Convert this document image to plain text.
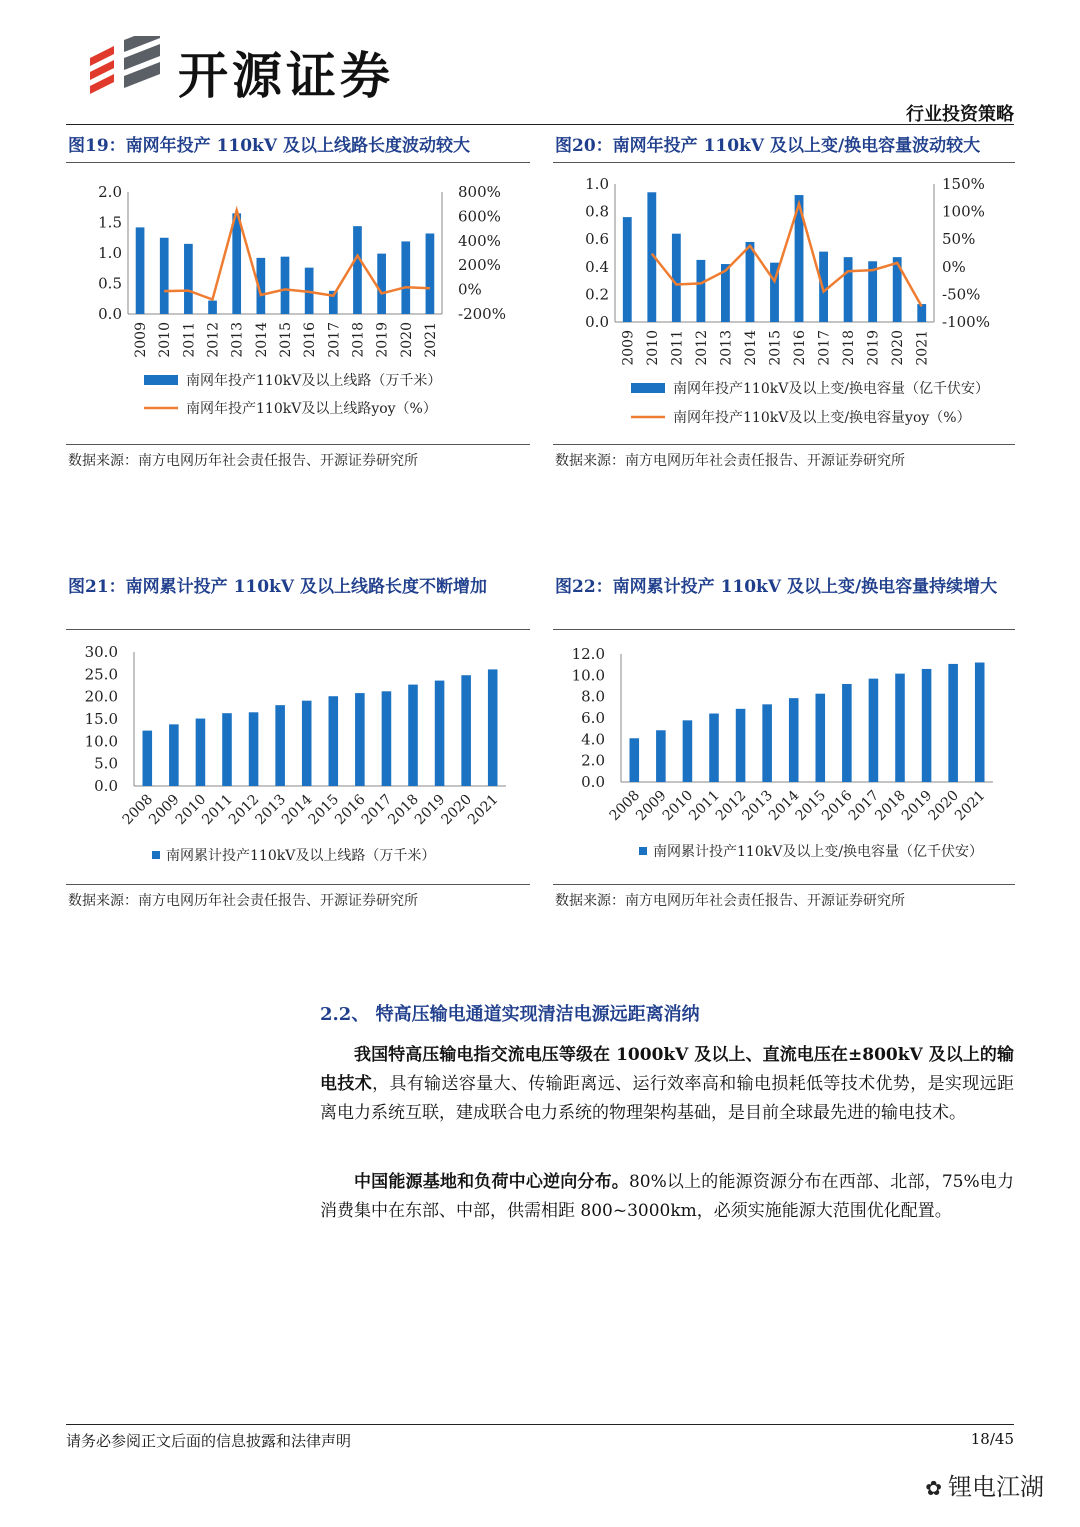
开源证券
行业投资策略
图19：南网年投产 110kV 及以上线路长度波动较大	图20：南网年投产 110kV 及以上变/换电容量波动较大
0.0
0.5
1.0
1.5
2.0
-200%
0%
200%
400%
600%
800%
2009 2010 2011 2012 2013 2014 2015 2016 2017 2018 2019 2020 2021
南网年投产110kV及以上线路（万千米）
南网年投产110kV及以上线路yoy（%）
0.0
0.2
0.4
0.6
0.8
1.0
-100%
-50%
0%
50%
100%
150%
2009 2010 2011 2012 2013 2014 2015 2016 2017 2018 2019 2020 2021
南网年投产110kV及以上变/换电容量（亿千伏安）
南网年投产110kV及以上变/换电容量yoy（%）
数据来源：南方电网历年社会责任报告、开源证券研究所	数据来源：南方电网历年社会责任报告、开源证券研究所
图21：南网累计投产 110kV 及以上线路长度不断增加	图22：南网累计投产 110kV 及以上变/换电容量持续增大
0.0
5.0
10.0
15.0
20.0
25.0
30.0
2008
2009
2010
2011
2012
2013
2014
2015
2016
2017
2018
2019
2020
2021
南网累计投产110kV及以上线路（万千米）
0.0
2.0
4.0
6.0
8.0
10.0
12.0
2008
2009
2010
2011
2012
2013
2014
2015
2016
2017
2018
2019
2020
2021
南网累计投产110kV及以上变/换电容量（亿千伏安）
数据来源：南方电网历年社会责任报告、开源证券研究所	数据来源：南方电网历年社会责任报告、开源证券研究所
2.2、 特高压输电通道实现清洁电源远距离消纳
我国特高压输电指交流电压等级在 1000kV 及以上、直流电压在±800kV 及以上的输电技术，具有输送容量大、传输距离远、运行效率高和输电损耗低等技术优势，是实现远距离电力系统互联，建成联合电力系统的物理架构基础，是目前全球最先进的输电技术。
中国能源基地和负荷中心逆向分布。80%以上的能源资源分布在西部、北部，75%电力消费集中在东部、中部，供需相距 800~3000km，必须实施能源大范围优化配置。
请务必参阅正文后面的信息披露和法律声明	18/45
✿ 锂电江湖
